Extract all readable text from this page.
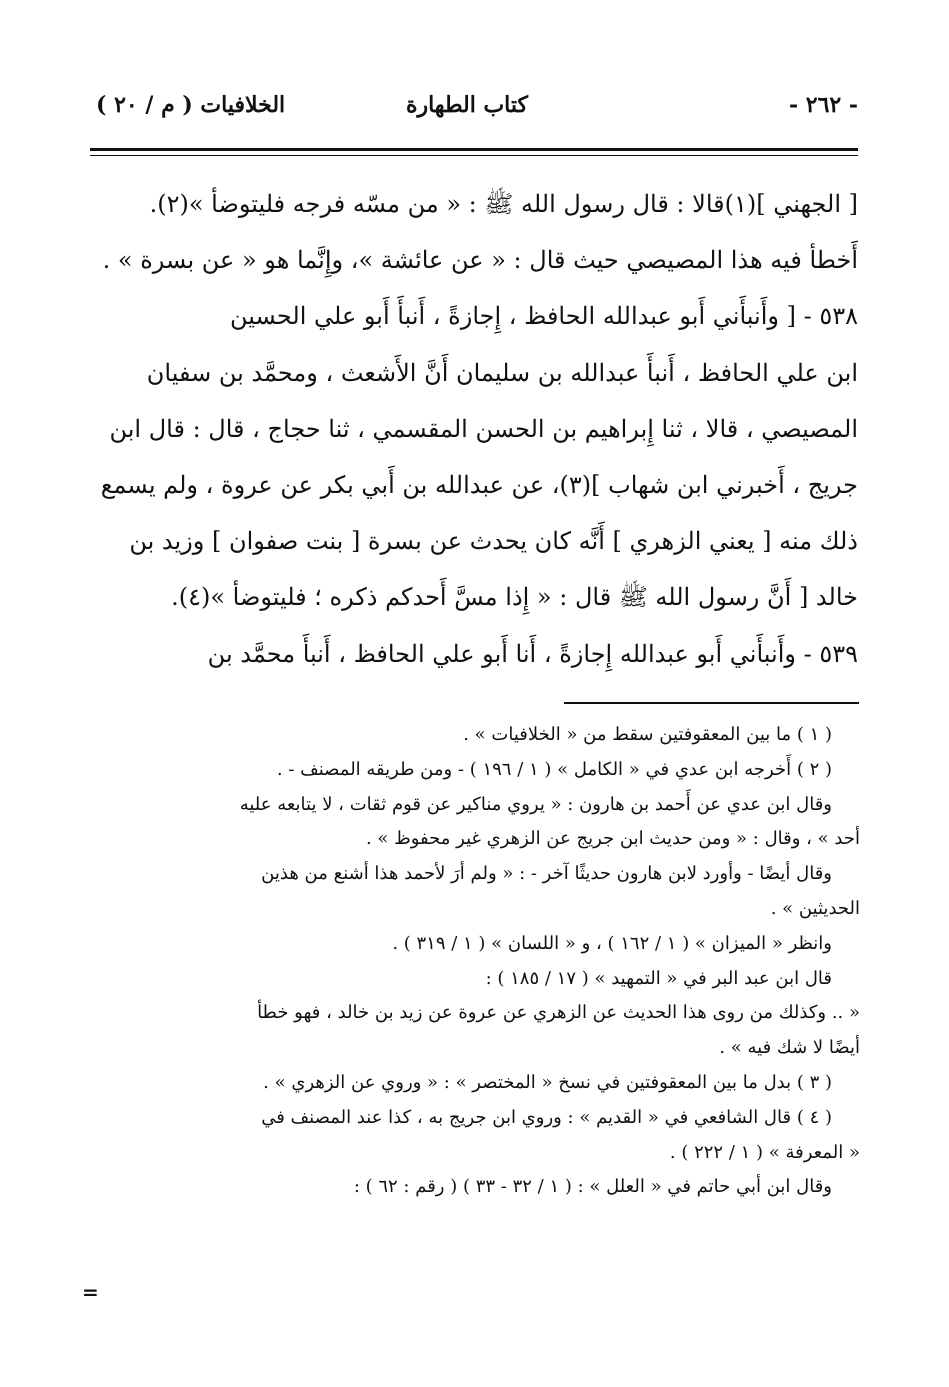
- ٢٦٢ -
كتاب الطهارة
الخلافيات ( م / ٢٠ )
[ الجهني ](١)قالا : قال رسول الله ﷺ : « من مسّه فرجه فليتوضأ »(٢).
أَخطأ فيه هذا المصيصي حيث قال : « عن عائشة »، وإِنَّما هو « عن بسرة » .
٥٣٨ - [ وأَنبأَني أَبو عبدالله الحافظ ، إِجازةً ، أَنبأَ أَبو علي الحسين
ابن علي الحافظ ، أَنبأَ عبدالله بن سليمان أَنَّ الأَشعث ، ومحمَّد بن سفيان
المصيصي ، قالا ، ثنا إِبراهيم بن الحسن المقسمي ، ثنا حجاج ، قال : قال ابن
جريج ، أَخبرني ابن شهاب ](٣)، عن عبدالله بن أَبي بكر عن عروة ، ولم يسمع
ذلك منه [ يعني الزهري ] أَنَّه كان يحدث عن بسرة [ بنت صفوان ] وزيد بن
خالد [ أَنَّ رسول الله ﷺ قال : « إِذا مسَّ أَحدكم ذكره ؛ فليتوضأ »(٤).
٥٣٩ - وأَنبأَني أَبو عبدالله إِجازةً ، أَنا أَبو علي الحافظ ، أَنبأَ محمَّد بن
( ١ ) ما بين المعقوفتين سقط من « الخلافيات » .
( ٢ ) أَخرجه ابن عدي في « الكامل » ( ١ / ١٩٦ ) - ومن طريقه المصنف - .
وقال ابن عدي عن أَحمد بن هارون : « يروي مناكير عن قوم ثقات ، لا يتابعه عليه
أحد » ، وقال : « ومن حديث ابن جريج عن الزهري غير محفوظ » .
وقال أيضًا - وأورد لابن هارون حديثًا آخر - : « ولم أرَ لأحمد هذا أشنع من هذين
الحديثين » .
وانظر « الميزان » ( ١ / ١٦٢ ) ، و « اللسان » ( ١ / ٣١٩ ) .
قال ابن عبد البر في « التمهيد » ( ١٧ / ١٨٥ ) :
« .. وكذلك من روى هذا الحديث عن الزهري عن عروة عن زيد بن خالد ، فهو خطأ
أيضًا لا شك فيه » .
( ٣ ) بدل ما بين المعقوفتين في نسخ « المختصر » : « وروي عن الزهري » .
( ٤ ) قال الشافعي في « القديم » : وروي ابن جريج به ، كذا عند المصنف في
« المعرفة » ( ١ / ٢٢٢ ) .
وقال ابن أبي حاتم في « العلل » : ( ١ / ٣٢ - ٣٣ ) ( رقم : ٦٢ ) :
=
